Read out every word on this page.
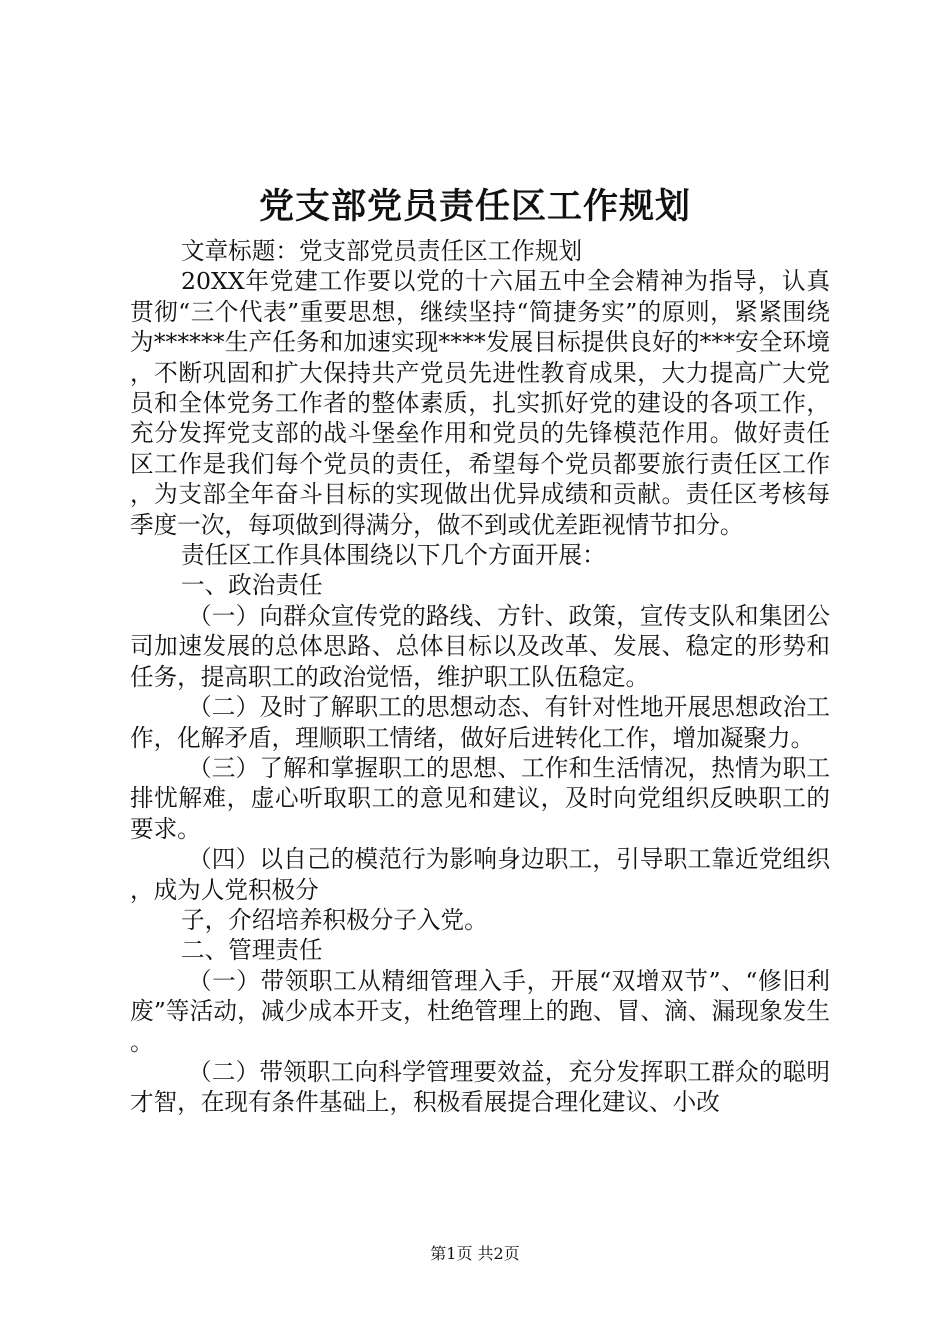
党支部党员责任区工作规划

文章标题：党支部党员责任区工作规划

20XX年党建工作要以党的十六届五中全会精神为指导，认真贯彻“三个代表”重要思想，继续坚持“简捷务实”的原则，紧紧围绕为******生产任务和加速实现****发展目标提供良好的***安全环境，不断巩固和扩大保持共产党员先进性教育成果，大力提高广大党员和全体党务工作者的整体素质，扎实抓好党的建设的各项工作，充分发挥党支部的战斗堡垒作用和党员的先锋模范作用。做好责任区工作是我们每个党员的责任，希望每个党员都要旅行责任区工作，为支部全年奋斗目标的实现做出优异成绩和贡献。责任区考核每季度一次，每项做到得满分，做不到或优差距视情节扣分。

责任区工作具体围绕以下几个方面开展：

一、政治责任

（一）向群众宣传党的路线、方针、政策，宣传支队和集团公司加速发展的总体思路、总体目标以及改革、发展、稳定的形势和任务，提高职工的政治觉悟，维护职工队伍稳定。

（二）及时了解职工的思想动态、有针对性地开展思想政治工作，化解矛盾，理顺职工情绪，做好后进转化工作，增加凝聚力。

（三）了解和掌握职工的思想、工作和生活情况，热情为职工排忧解难，虚心听取职工的意见和建议，及时向党组织反映职工的要求。

（四）以自己的模范行为影响身边职工，引导职工靠近党组织，成为人党积极分

子，介绍培养积极分子入党。

二、管理责任

（一）带领职工从精细管理入手，开展“双增双节”、“修旧利废”等活动，减少成本开支，杜绝管理上的跑、冒、滴、漏现象发生。

（二）带领职工向科学管理要效益，充分发挥职工群众的聪明才智，在现有条件基础上，积极看展提合理化建议、小改

第1页 共2页
